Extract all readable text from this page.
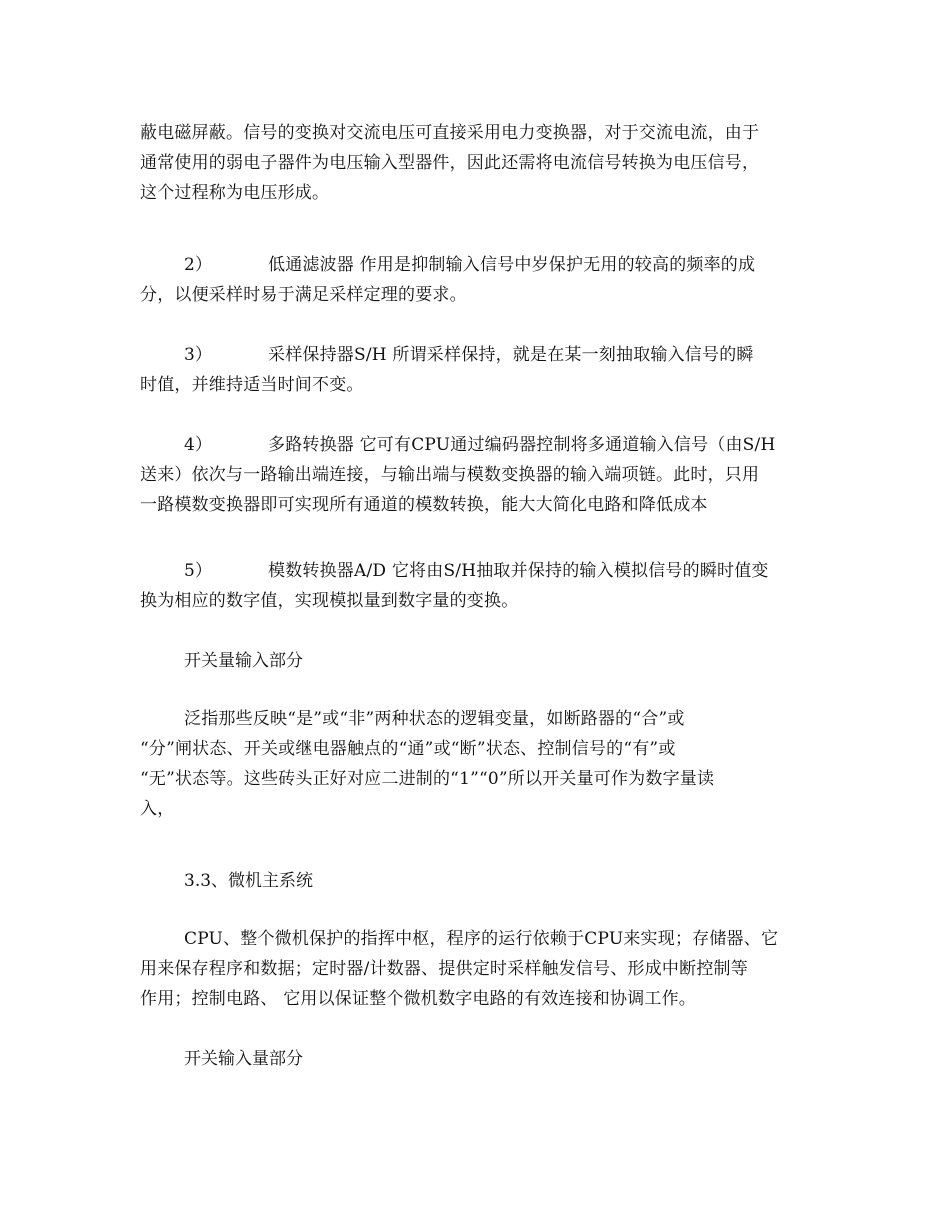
蔽电磁屏蔽。信号的变换对交流电压可直接采用电力变换器，对于交流电流，由于
通常使用的弱电子器件为电压输入型器件，因此还需将电流信号转换为电压信号，
这个过程称为电压形成。

2）	低通滤波器 作用是抑制输入信号中岁保护无用的较高的频率的成
分，以便采样时易于满足采样定理的要求。

3）	采样保持器S/H 所谓采样保持，就是在某一刻抽取输入信号的瞬
时值，并维持适当时间不变。

4）	多路转换器 它可有CPU通过编码器控制将多通道输入信号（由S/H
送来）依次与一路输出端连接，与输出端与模数变换器的输入端项链。此时，只用
一路模数变换器即可实现所有通道的模数转换，能大大简化电路和降低成本

5）	模数转换器A/D 它将由S/H抽取并保持的输入模拟信号的瞬时值变
换为相应的数字值，实现模拟量到数字量的变换。

开关量输入部分

泛指那些反映“是”或“非”两种状态的逻辑变量，如断路器的“合”或
“分”闸状态、开关或继电器触点的“通”或“断”状态、控制信号的“有”或
“无”状态等。这些砖头正好对应二进制的“1”“0”所以开关量可作为数字量读
入，

3.3、微机主系统

CPU、整个微机保护的指挥中枢，程序的运行依赖于CPU来实现；存储器、它
用来保存程序和数据；定时器/计数器、提供定时采样触发信号、形成中断控制等
作用；控制电路、 它用以保证整个微机数字电路的有效连接和协调工作。

开关输入量部分
